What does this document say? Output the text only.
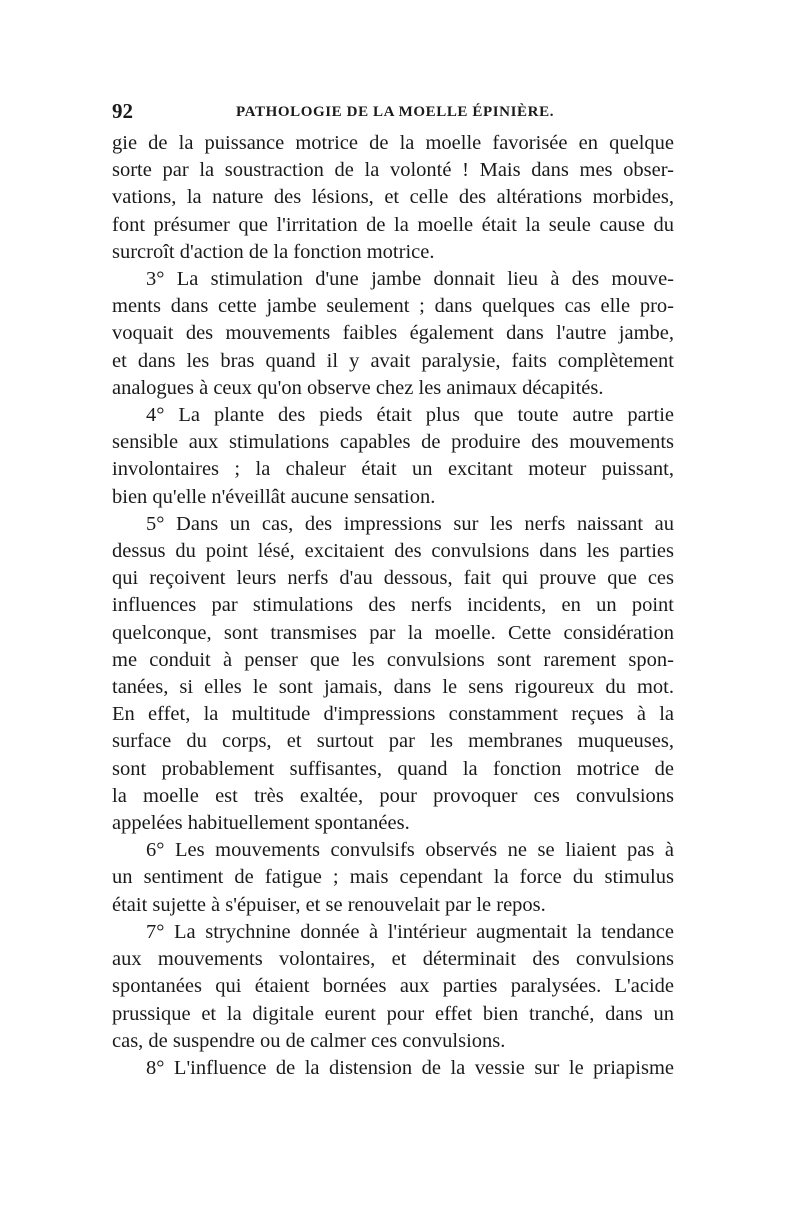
92	PATHOLOGIE DE LA MOELLE ÉPINIÈRE.
gie de la puissance motrice de la moelle favorisée en quelque
sorte par la soustraction de la volonté ! Mais dans mes obser-
vations, la nature des lésions, et celle des altérations morbides,
font présumer que l'irritation de la moelle était la seule cause du
surcroît d'action de la fonction motrice.
3° La stimulation d'une jambe donnait lieu à des mouve-
ments dans cette jambe seulement ; dans quelques cas elle pro-
voquait des mouvements faibles également dans l'autre jambe,
et dans les bras quand il y avait paralysie, faits complètement
analogues à ceux qu'on observe chez les animaux décapités.
4° La plante des pieds était plus que toute autre partie
sensible aux stimulations capables de produire des mouvements
involontaires ; la chaleur était un excitant moteur puissant,
bien qu'elle n'éveillât aucune sensation.
5° Dans un cas, des impressions sur les nerfs naissant au
dessus du point lésé, excitaient des convulsions dans les parties
qui reçoivent leurs nerfs d'au dessous, fait qui prouve que ces
influences par stimulations des nerfs incidents, en un point
quelconque, sont transmises par la moelle. Cette considération
me conduit à penser que les convulsions sont rarement spon-
tanées, si elles le sont jamais, dans le sens rigoureux du mot.
En effet, la multitude d'impressions constamment reçues à la
surface du corps, et surtout par les membranes muqueuses,
sont probablement suffisantes, quand la fonction motrice de
la moelle est très exaltée, pour provoquer ces convulsions
appelées habituellement spontanées.
6° Les mouvements convulsifs observés ne se liaient pas à
un sentiment de fatigue ; mais cependant la force du stimulus
était sujette à s'épuiser, et se renouvelait par le repos.
7° La strychnine donnée à l'intérieur augmentait la tendance
aux mouvements volontaires, et déterminait des convulsions
spontanées qui étaient bornées aux parties paralysées. L'acide
prussique et la digitale eurent pour effet bien tranché, dans un
cas, de suspendre ou de calmer ces convulsions.
8° L'influence de la distension de la vessie sur le priapisme
